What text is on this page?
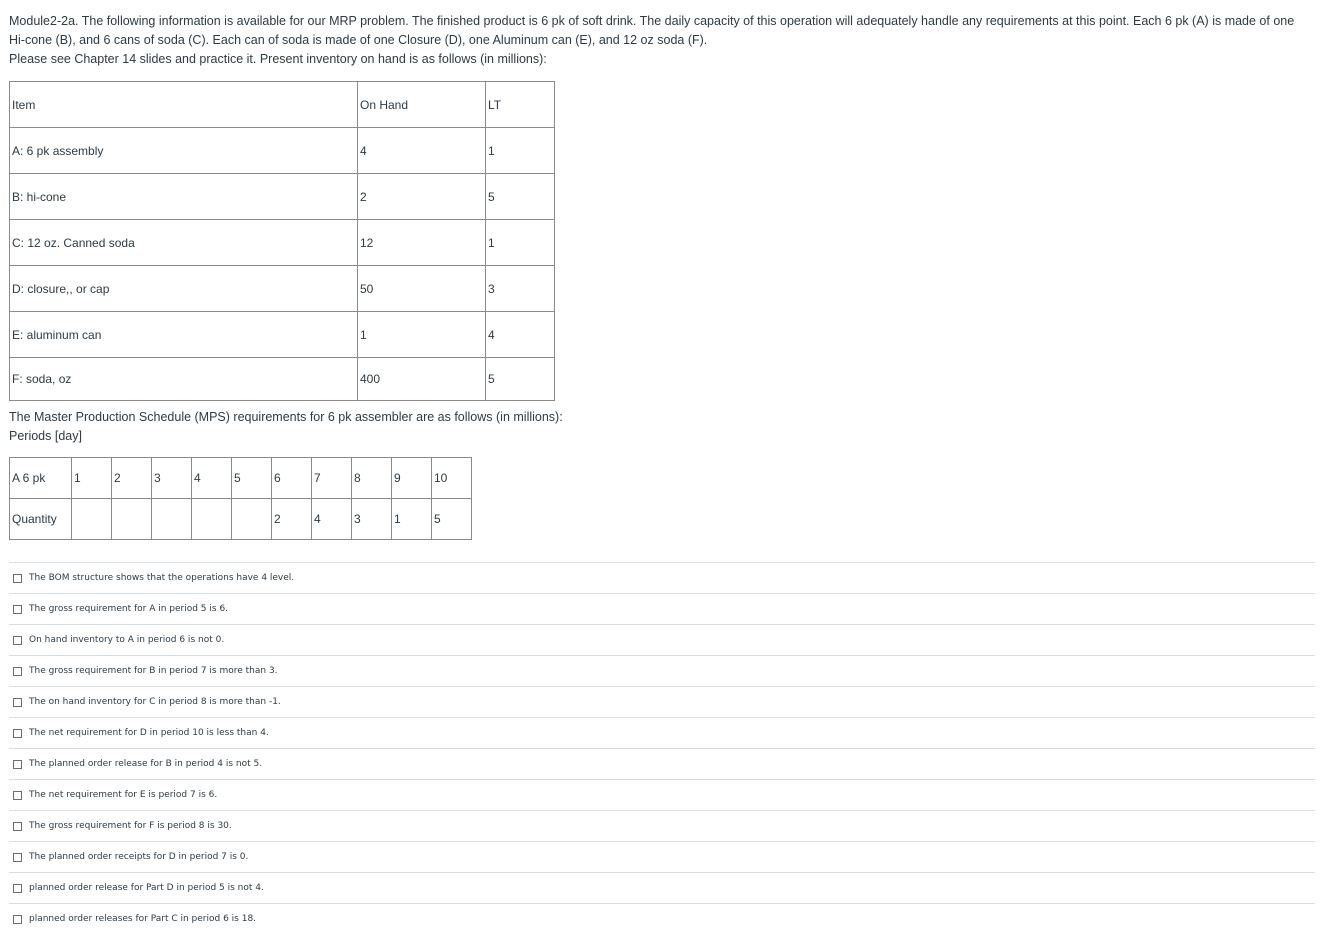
Module2-2a. The following information is available for our MRP problem. The finished product is 6 pk of soft drink. The daily capacity of this operation will adequately handle any requirements at this point. Each 6 pk (A) is made of one Hi-cone (B), and 6 cans of soda (C). Each can of soda is made of one Closure (D), one Aluminum can (E), and 12 oz soda (F).

Please see Chapter 14 slides and practice it. Present inventory on hand is as follows (in millions):

Item	On Hand	LT
A: 6 pk assembly	4	1
B: hi-cone	2	5
C: 12 oz. Canned soda	12	1
D: closure,, or cap	50	3
E: aluminum can	1	4
F: soda, oz	400	5

The Master Production Schedule (MPS) requirements for 6 pk assembler are as follows (in millions):

Periods [day]

A 6 pk	1	2	3	4	5	6	7	8	9	10
Quantity						2	4	3	1	5
The BOM structure shows that the operations have 4 level.
The gross requirement for A in period 5 is 6.
On hand inventory to A in period 6 is not 0.
The gross requirement for B in period 7 is more than 3.
The on hand inventory for C in period 8 is more than -1.
The net requirement for D in period 10 is less than 4.
The planned order release for B in period 4 is not 5.
The net requirement for E is period 7 is 6.
The gross requirement for F is period 8 is 30.
The planned order receipts for D in period 7 is 0.
planned order release for Part D in period 5 is not 4.
planned order releases for Part C in period 6 is 18.
